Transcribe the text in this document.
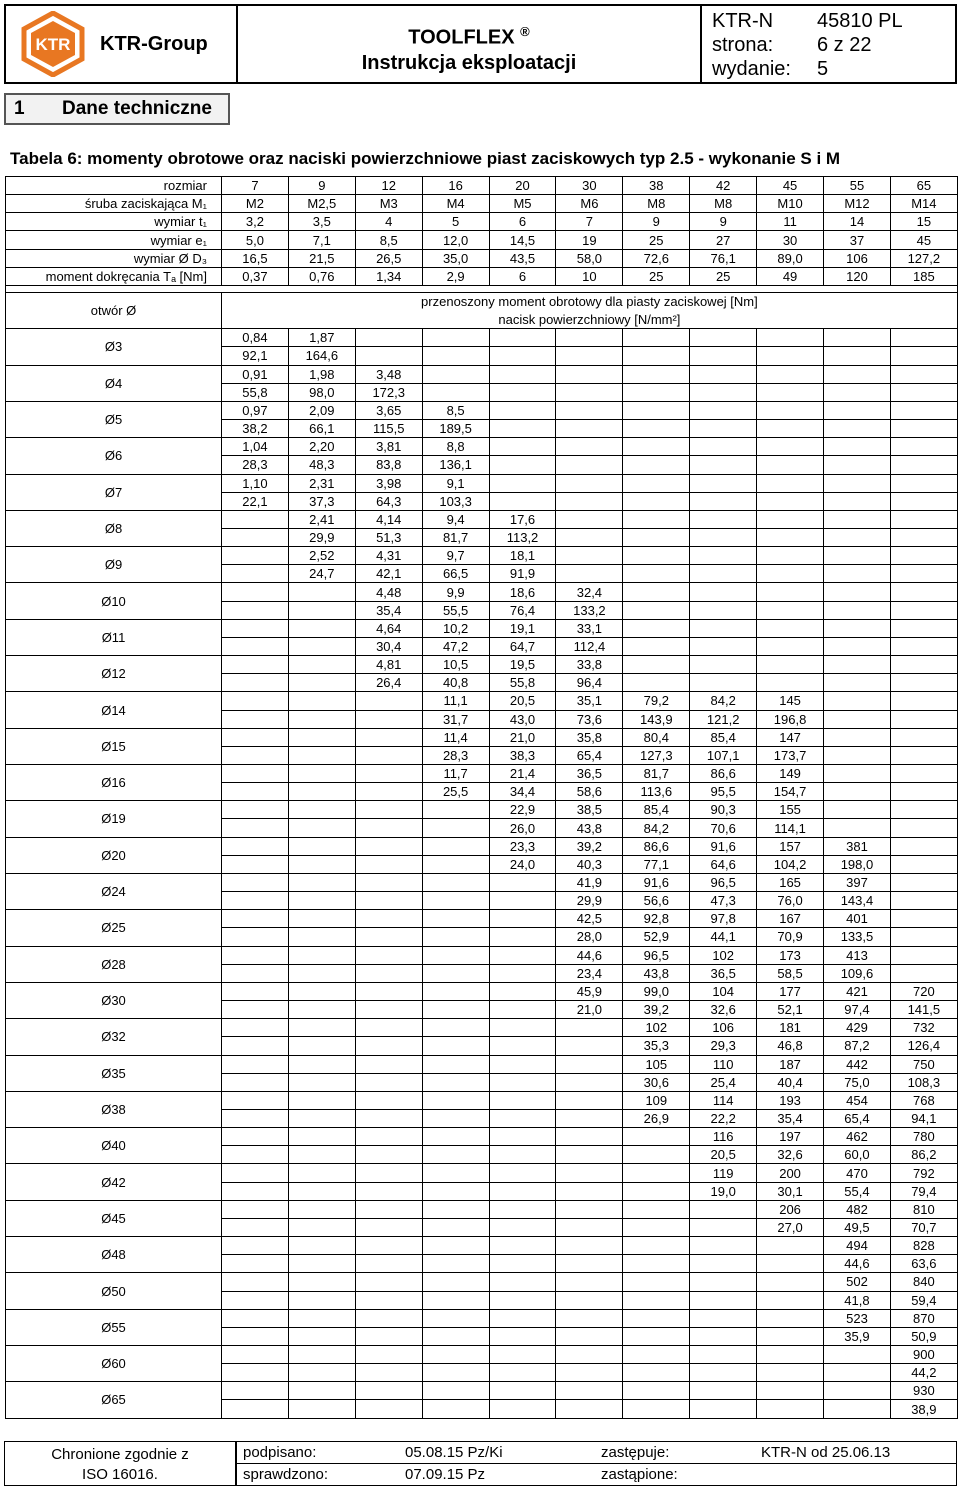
KTR KTR-Group	TOOLFLEX ®
Instrukcja eksploatacji
KTR-N	45810 PL
strona:	6 z 22
wydanie:	5
1 Dane techniczne
Tabela 6: momenty obrotowe oraz naciski powierzchniowe piast zaciskowych typ 2.5 - wykonanie S i M
rozmiar	7	9	12	16	20	30	38	42	45	55	65
śruba zaciskająca M₁	M2	M2,5	M3	M4	M5	M6	M8	M8	M10	M12	M14
wymiar t₁	3,2	3,5	4	5	6	7	9	9	11	14	15
wymiar e₁	5,0	7,1	8,5	12,0	14,5	19	25	27	30	37	45
wymiar Ø D₃	16,5	21,5	26,5	35,0	43,5	58,0	72,6	76,1	89,0	106	127,2
moment dokręcania Tₐ [Nm]	0,37	0,76	1,34	2,9	6	10	25	25	49	120	185

otwór Ø	przenoszony moment obrotowy dla piasty zaciskowej [Nm]										
	nacisk powierzchniowy [N/mm²]										
Ø3	0,84	1,87									
	92,1	164,6									
Ø4	0,91	1,98	3,48								
	55,8	98,0	172,3								
Ø5	0,97	2,09	3,65	8,5							
	38,2	66,1	115,5	189,5							
Ø6	1,04	2,20	3,81	8,8							
	28,3	48,3	83,8	136,1							
Ø7	1,10	2,31	3,98	9,1							
	22,1	37,3	64,3	103,3							
Ø8		2,41	4,14	9,4	17,6						
		29,9	51,3	81,7	113,2						
Ø9		2,52	4,31	9,7	18,1						
		24,7	42,1	66,5	91,9						
Ø10			4,48	9,9	18,6	32,4					
			35,4	55,5	76,4	133,2					
Ø11			4,64	10,2	19,1	33,1					
			30,4	47,2	64,7	112,4					
Ø12			4,81	10,5	19,5	33,8					
			26,4	40,8	55,8	96,4					
Ø14				11,1	20,5	35,1	79,2	84,2	145		
				31,7	43,0	73,6	143,9	121,2	196,8		
Ø15				11,4	21,0	35,8	80,4	85,4	147		
				28,3	38,3	65,4	127,3	107,1	173,7		
Ø16				11,7	21,4	36,5	81,7	86,6	149		
				25,5	34,4	58,6	113,6	95,5	154,7		
Ø19					22,9	38,5	85,4	90,3	155		
					26,0	43,8	84,2	70,6	114,1		
Ø20					23,3	39,2	86,6	91,6	157	381	
					24,0	40,3	77,1	64,6	104,2	198,0	
Ø24						41,9	91,6	96,5	165	397	
						29,9	56,6	47,3	76,0	143,4	
Ø25						42,5	92,8	97,8	167	401	
						28,0	52,9	44,1	70,9	133,5	
Ø28						44,6	96,5	102	173	413	
						23,4	43,8	36,5	58,5	109,6	
Ø30						45,9	99,0	104	177	421	720
						21,0	39,2	32,6	52,1	97,4	141,5
Ø32							102	106	181	429	732
							35,3	29,3	46,8	87,2	126,4
Ø35							105	110	187	442	750
							30,6	25,4	40,4	75,0	108,3
Ø38							109	114	193	454	768
							26,9	22,2	35,4	65,4	94,1
Ø40								116	197	462	780
								20,5	32,6	60,0	86,2
Ø42								119	200	470	792
								19,0	30,1	55,4	79,4
Ø45									206	482	810
									27,0	49,5	70,7
Ø48										494	828
										44,6	63,6
Ø50										502	840
										41,8	59,4
Ø55										523	870
										35,9	50,9
Ø60											900
											44,2
Ø65											930
											38,9
Chronione zgodnie z
ISO 16016.
podpisano:	05.08.15 Pz/Ki	zastępuje:	KTR-N od 25.06.13
sprawdzono:	07.09.15 Pz	zastąpione:
